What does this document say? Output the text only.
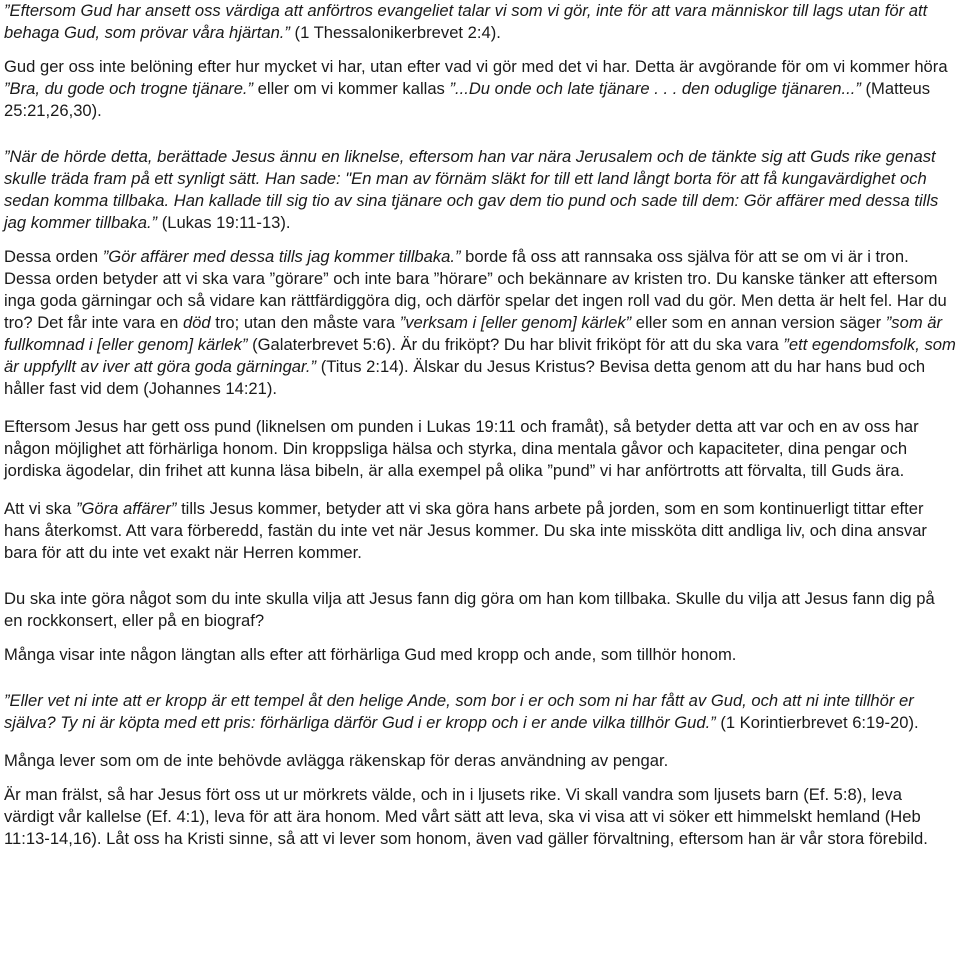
”Eftersom Gud har ansett oss värdiga att anförtros evangeliet talar vi som vi gör, inte för att vara människor till lags utan för att behaga Gud, som prövar våra hjärtan.” (1 Thessalonikerbrevet 2:4).

Gud ger oss inte belöning efter hur mycket vi har, utan efter vad vi gör med det vi har. Detta är avgörande för om vi kommer höra ”Bra, du gode och trogne tjänare.” eller om vi kommer kallas ”...Du onde och late tjänare . . . den oduglige tjänaren...” (Matteus 25:21,26,30).

”När de hörde detta, berättade Jesus ännu en liknelse, eftersom han var nära Jerusalem och de tänkte sig att Guds rike genast skulle träda fram på ett synligt sätt. Han sade: "En man av förnäm släkt for till ett land långt borta för att få kungavärdighet och sedan komma tillbaka. Han kallade till sig tio av sina tjänare och gav dem tio pund och sade till dem: Gör affärer med dessa tills jag kommer tillbaka.” (Lukas 19:11-13).

Dessa orden ”Gör affärer med dessa tills jag kommer tillbaka.” borde få oss att rannsaka oss själva för att se om vi är i tron.

Dessa orden betyder att vi ska vara ”görare” och inte bara ”hörare” och bekännare av kristen tro. Du kanske tänker att eftersom inga goda gärningar och så vidare kan rättfärdiggöra dig, och därför spelar det ingen roll vad du gör. Men detta är helt fel. Har du tro? Det får inte vara en död tro; utan den måste vara ”verksam i [eller genom] kärlek” eller som en annan version säger ”som är fullkomnad i [eller genom] kärlek” (Galaterbrevet 5:6). Är du friköpt? Du har blivit friköpt för att du ska vara ”ett egendomsfolk, som är uppfyllt av iver att göra goda gärningar.” (Titus 2:14). Älskar du Jesus Kristus? Bevisa detta genom att du har hans bud och håller fast vid dem (Johannes 14:21).

Eftersom Jesus har gett oss pund (liknelsen om punden i Lukas 19:11 och framåt), så betyder detta att var och en av oss har någon möjlighet att förhärliga honom. Din kroppsliga hälsa och styrka, dina mentala gåvor och kapaciteter, dina pengar och jordiska ägodelar, din frihet att kunna läsa bibeln, är alla exempel på olika ”pund” vi har anförtrotts att förvalta, till Guds ära.

Att vi ska ”Göra affärer” tills Jesus kommer, betyder att vi ska göra hans arbete på jorden, som en som kontinuerligt tittar efter hans återkomst. Att vara förberedd, fastän du inte vet när Jesus kommer. Du ska inte missköta ditt andliga liv, och dina ansvar bara för att du inte vet exakt när Herren kommer.

Du ska inte göra något som du inte skulla vilja att Jesus fann dig göra om han kom tillbaka. Skulle du vilja att Jesus fann dig på en rockkonsert, eller på en biograf?

Många visar inte någon längtan alls efter att förhärliga Gud med kropp och ande, som tillhör honom.

”Eller vet ni inte att er kropp är ett tempel åt den helige Ande, som bor i er och som ni har fått av Gud, och att ni inte tillhör er själva? Ty ni är köpta med ett pris: förhärliga därför Gud i er kropp och i er ande vilka tillhör Gud.” (1 Korintierbrevet 6:19-20).

Många lever som om de inte behövde avlägga räkenskap för deras användning av pengar.

Är man frälst, så har Jesus fört oss ut ur mörkrets välde, och in i ljusets rike. Vi skall vandra som ljusets barn (Ef. 5:8), leva värdigt vår kallelse (Ef. 4:1), leva för att ära honom. Med vårt sätt att leva, ska vi visa att vi söker ett himmelskt hemland (Heb 11:13-14,16). Låt oss ha Kristi sinne, så att vi lever som honom, även vad gäller förvaltning, eftersom han är vår stora förebild.
